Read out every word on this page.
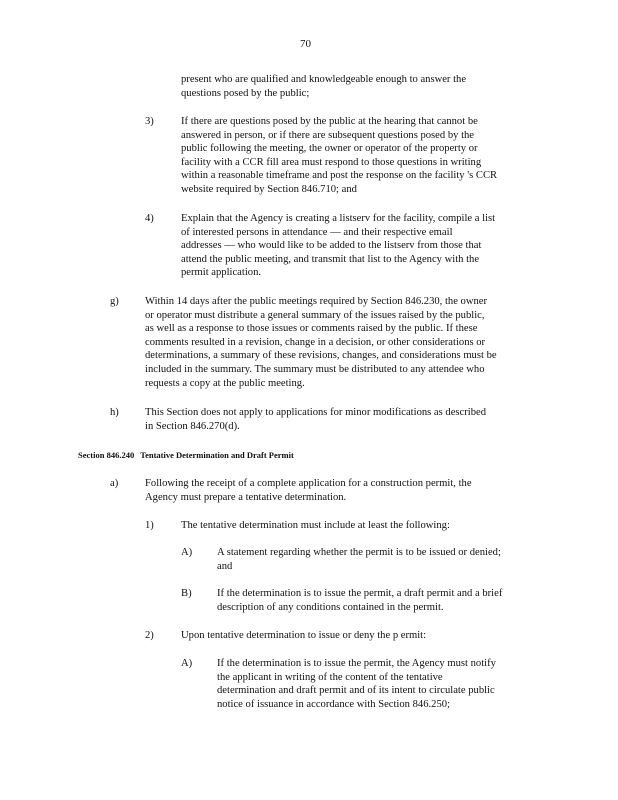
70
present who are qualified and knowledgeable enough to answer the
questions posed by the public;
3)	If there are questions posed by the public at the hearing that cannot be
answered in person, or if there are subsequent questions posed by the
public following the meeting, the owner or operator of the property or
facility with a CCR fill area must respond to those questions in writing
within a reasonable timeframe and post the response on the facility 's CCR
website required by Section 846.710; and
4)	Explain that the Agency is creating a listserv for the facility, compile a list
of interested persons in attendance — and their respective email
addresses — who would like to be added to the listserv from those that
attend the public meeting, and transmit that list to the Agency with the
permit application.
g) Within 14 days after the public meetings required by Section 846.230, the owner
or operator must distribute a general summary of the issues raised by the public,
as well as a response to those issues or comments raised by the public. If these
comments resulted in a revision, change in a decision, or other considerations or
determinations, a summary of these revisions, changes, and considerations must be
included in the summary. The summary must be distributed to any attendee who
requests a copy at the public meeting.
h) This Section does not apply to applications for minor modifications as described
in Section 846.270(d).
Section 846.240 Tentative Determination and Draft Permit
a)	Following the receipt of a complete application for a construction permit, the
Agency must prepare a tentative determination.
1)	The tentative determination must include at least the following:
A) A statement regarding whether the permit is to be issued or denied;
and
B) If the determination is to issue the permit, a draft permit and a brief
description of any conditions contained in the permit.
2)	Upon tentative determination to issue or deny the p ermit:
A) If the determination is to issue the permit, the Agency must notify
the applicant in writing of the content of the tentative
determination and draft permit and of its intent to circulate public
notice of issuance in accordance with Section 846.250;
